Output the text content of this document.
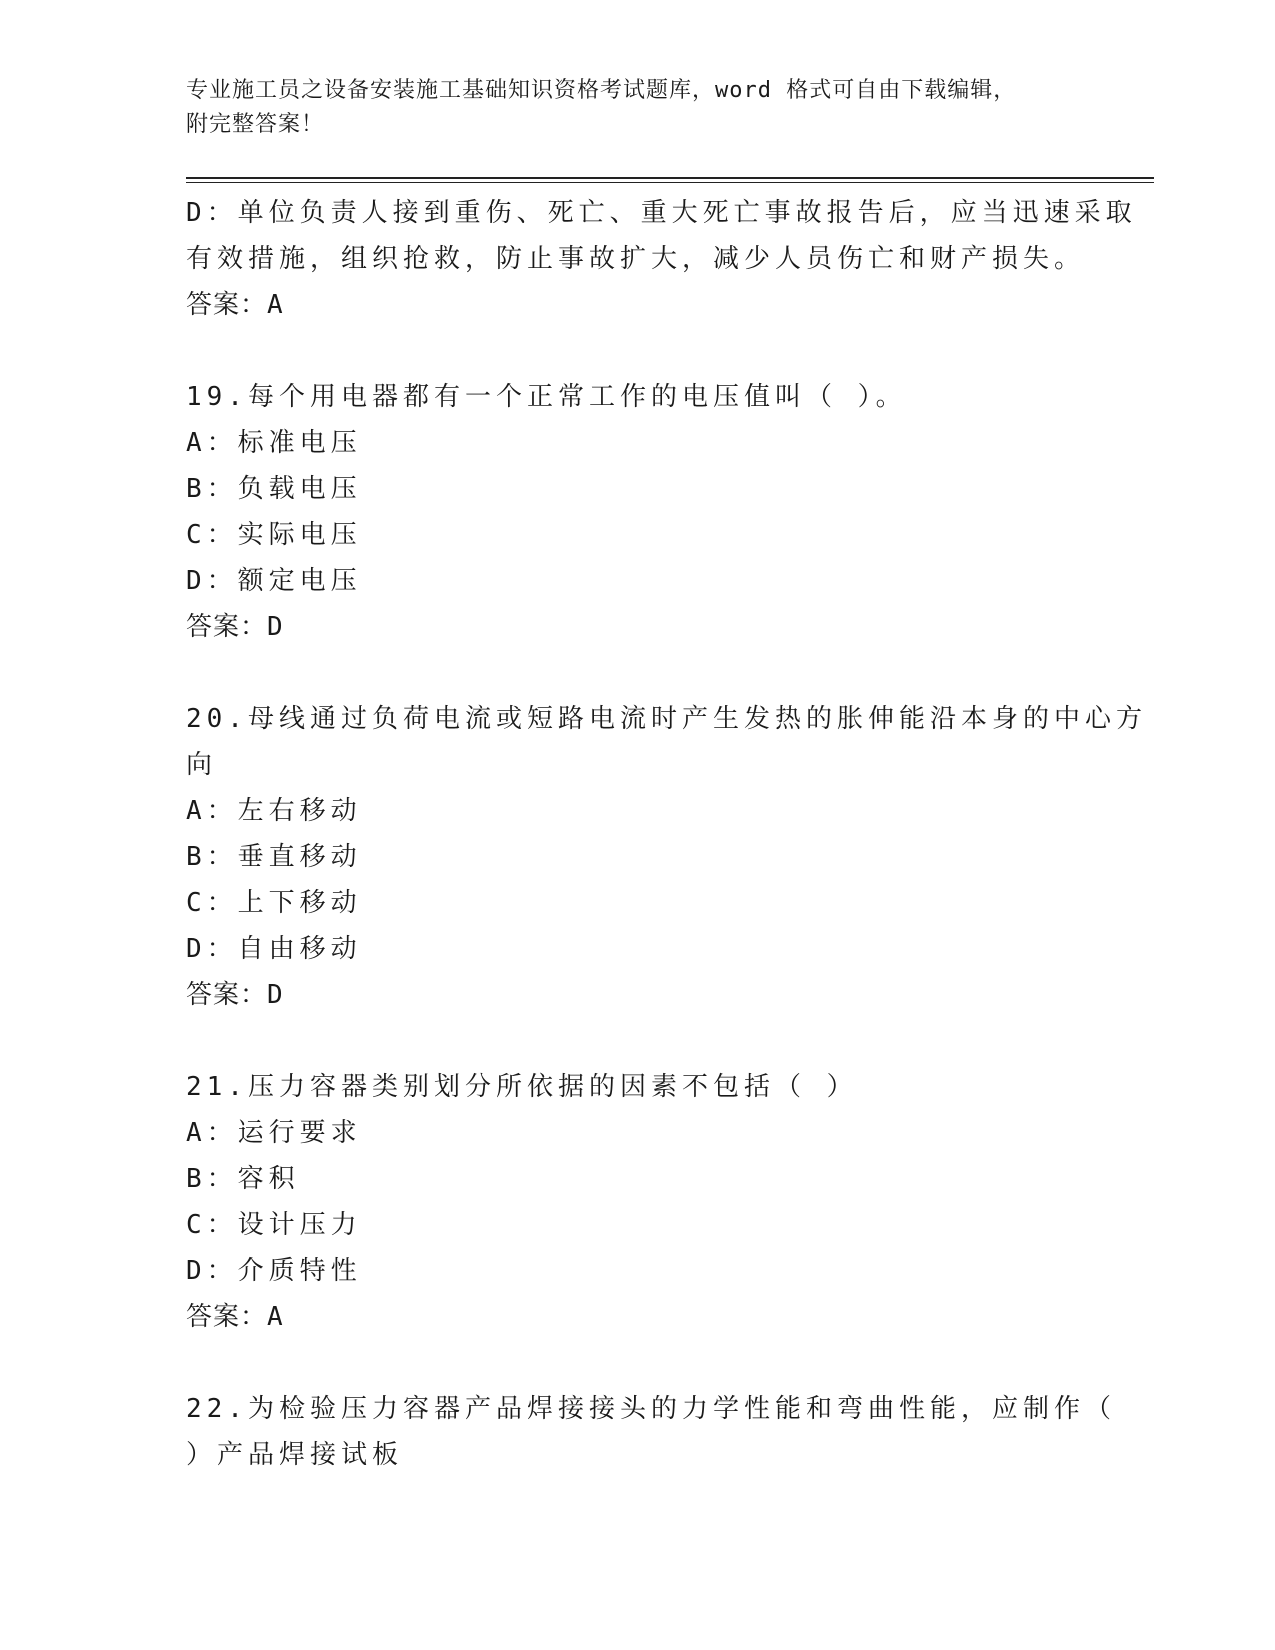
专业施工员之设备安装施工基础知识资格考试题库，word 格式可自由下载编辑，
附完整答案！
D：单位负责人接到重伤、死亡、重大死亡事故报告后，应当迅速采取
有效措施，组织抢救，防止事故扩大，减少人员伤亡和财产损失。
答案：A
19.每个用电器都有一个正常工作的电压值叫（ ）。
A：标准电压
B：负载电压
C：实际电压
D：额定电压
答案：D
20.母线通过负荷电流或短路电流时产生发热的胀伸能沿本身的中心方
向
A：左右移动
B：垂直移动
C：上下移动
D：自由移动
答案：D
21.压力容器类别划分所依据的因素不包括（ ）
A：运行要求
B：容积
C：设计压力
D：介质特性
答案：A
22.为检验压力容器产品焊接接头的力学性能和弯曲性能，应制作（
）产品焊接试板
